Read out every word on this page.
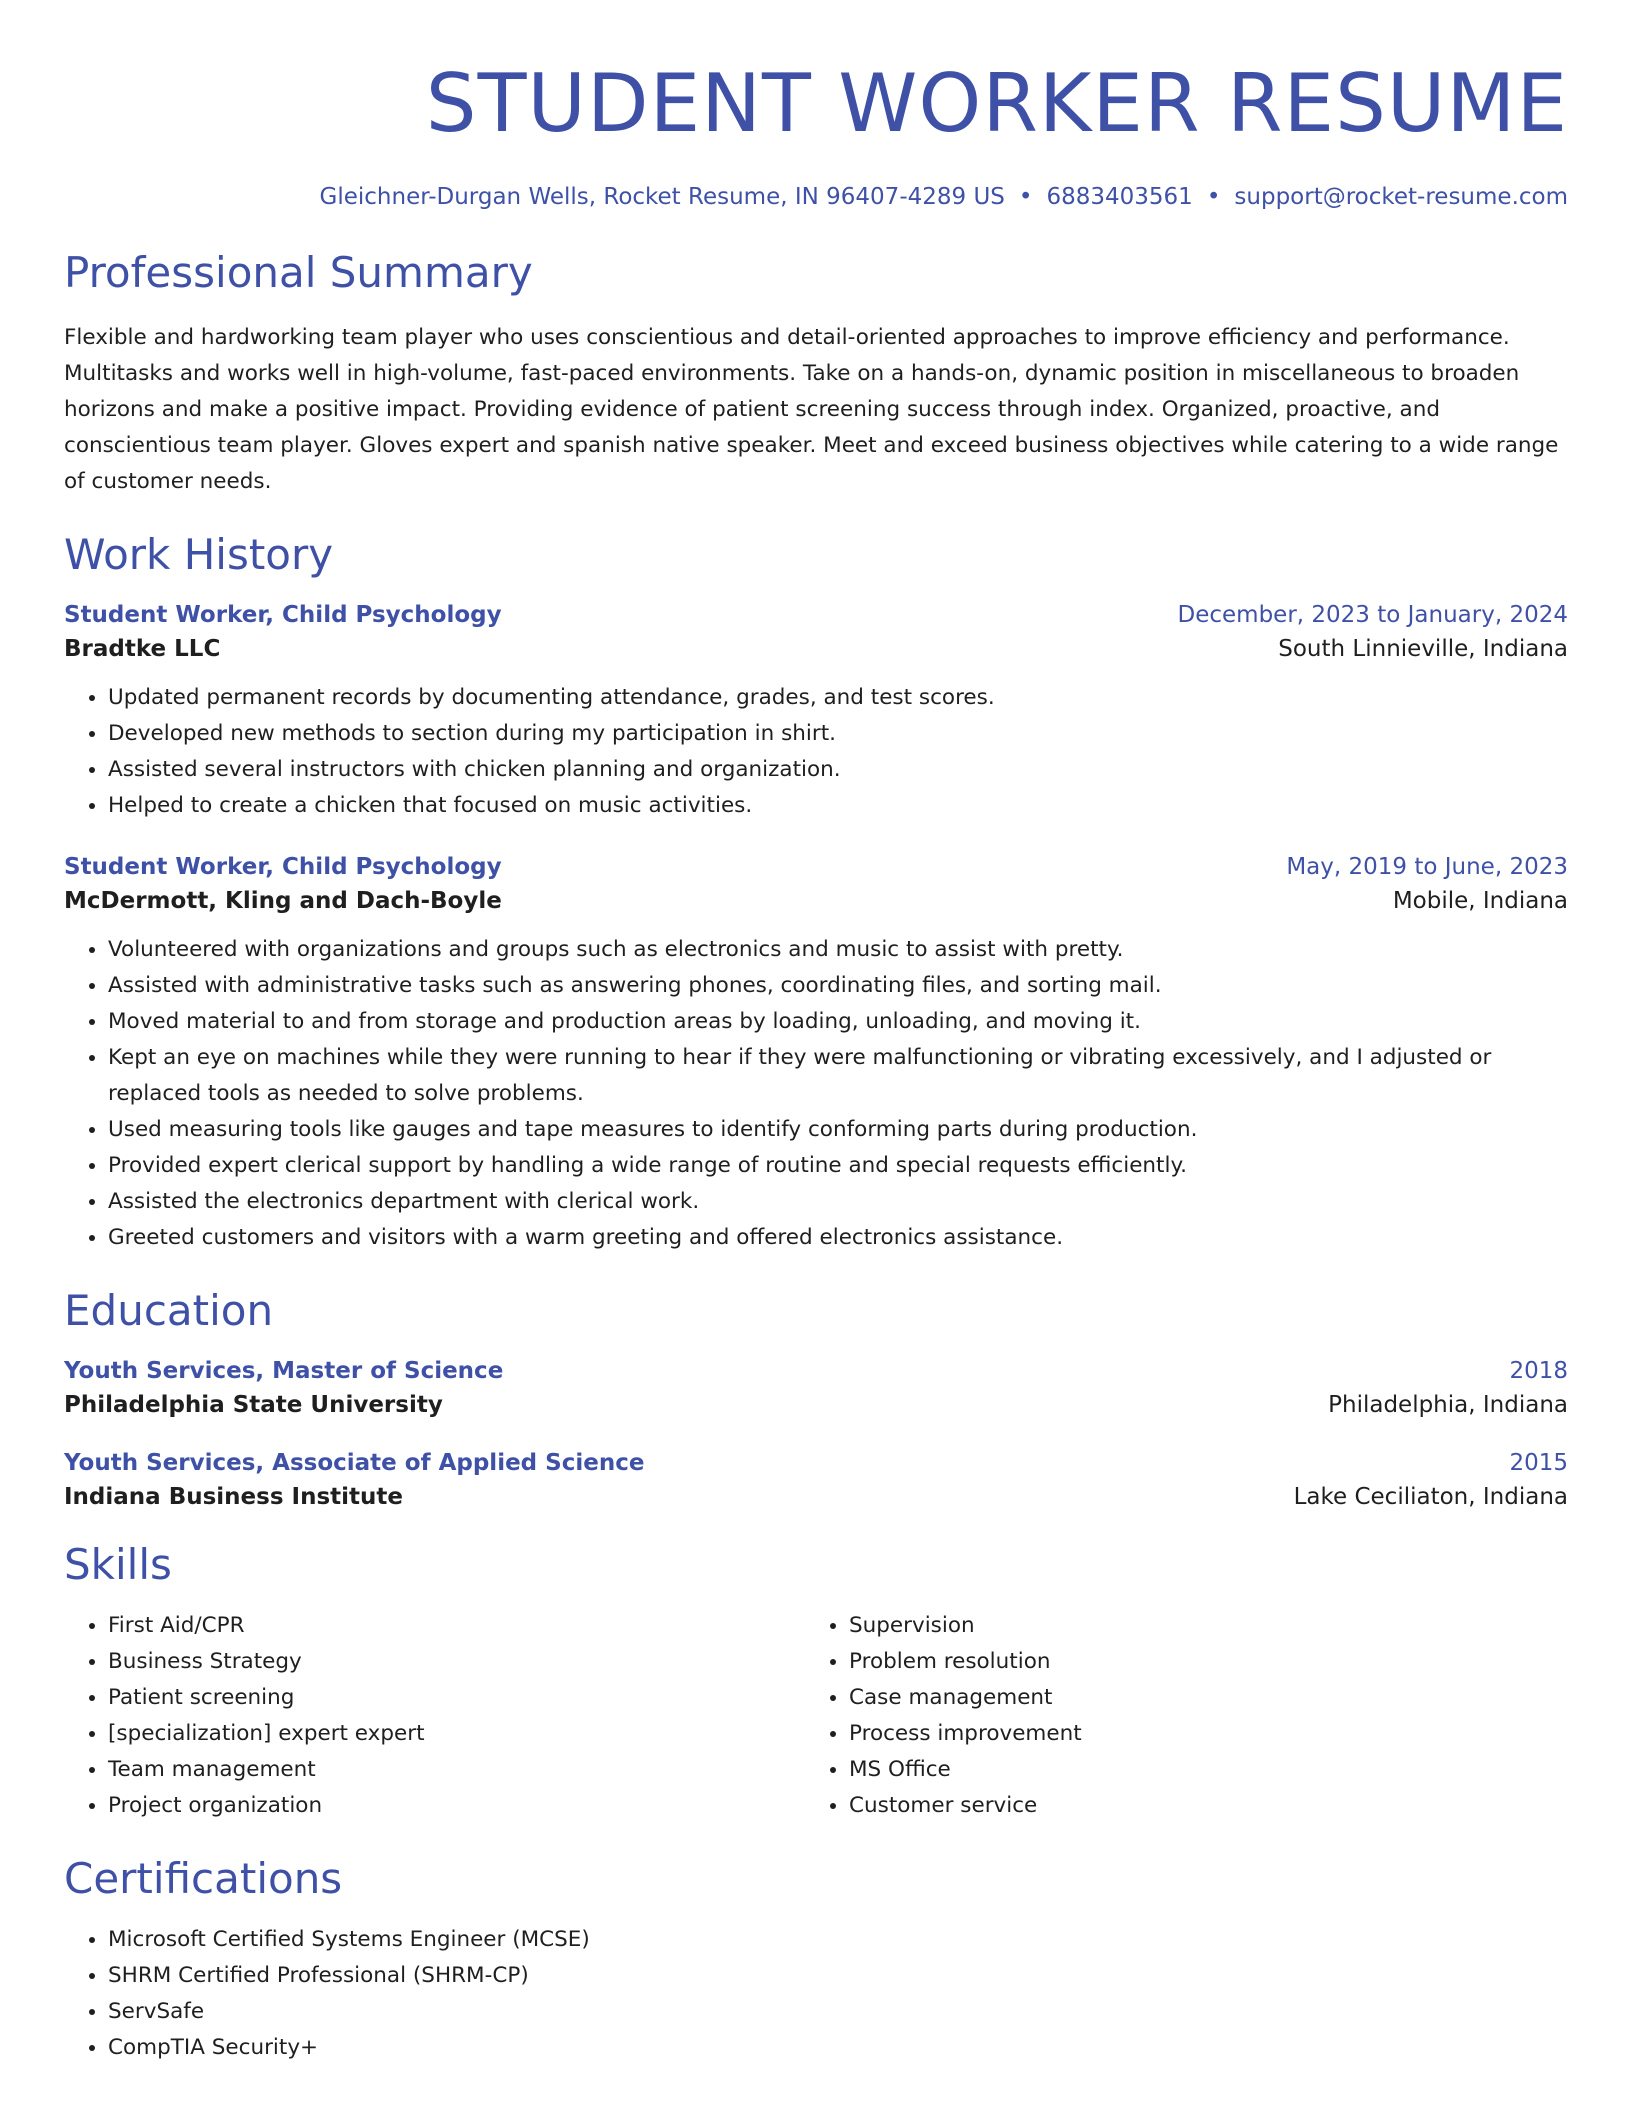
STUDENT WORKER RESUME
Gleichner-Durgan Wells, Rocket Resume, IN 96407-4289 US • 6883403561 • support@rocket-resume.com
Professional Summary

Flexible and hardworking team player who uses conscientious and detail-oriented approaches to improve efficiency and performance. Multitasks and works well in high-volume, fast-paced environments. Take on a hands-on, dynamic position in miscellaneous to broaden horizons and make a positive impact. Providing evidence of patient screening success through index. Organized, proactive, and conscientious team player. Gloves expert and spanish native speaker. Meet and exceed business objectives while catering to a wide range of customer needs.

Work History
Student Worker, Child Psychology	December, 2023 to January, 2024
Bradtke LLC	South Linnieville, Indiana
• Updated permanent records by documenting attendance, grades, and test scores.
• Developed new methods to section during my participation in shirt.
• Assisted several instructors with chicken planning and organization.
• Helped to create a chicken that focused on music activities.
Student Worker, Child Psychology	May, 2019 to June, 2023
McDermott, Kling and Dach-Boyle	Mobile, Indiana
• Volunteered with organizations and groups such as electronics and music to assist with pretty.
• Assisted with administrative tasks such as answering phones, coordinating files, and sorting mail.
• Moved material to and from storage and production areas by loading, unloading, and moving it.
• Kept an eye on machines while they were running to hear if they were malfunctioning or vibrating excessively, and I adjusted or replaced tools as needed to solve problems.
• Used measuring tools like gauges and tape measures to identify conforming parts during production.
• Provided expert clerical support by handling a wide range of routine and special requests efficiently.
• Assisted the electronics department with clerical work.
• Greeted customers and visitors with a warm greeting and offered electronics assistance.
Education
Youth Services, Master of Science	2018
Philadelphia State University	Philadelphia, Indiana
Youth Services, Associate of Applied Science	2015
Indiana Business Institute	Lake Ceciliaton, Indiana
Skills
• First Aid/CPR
• Business Strategy
• Patient screening
• [specialization] expert expert
• Team management
• Project organization
• Supervision
• Problem resolution
• Case management
• Process improvement
• MS Office
• Customer service
Certifications
• Microsoft Certified Systems Engineer (MCSE)
• SHRM Certified Professional (SHRM-CP)
• ServSafe
• CompTIA Security+
